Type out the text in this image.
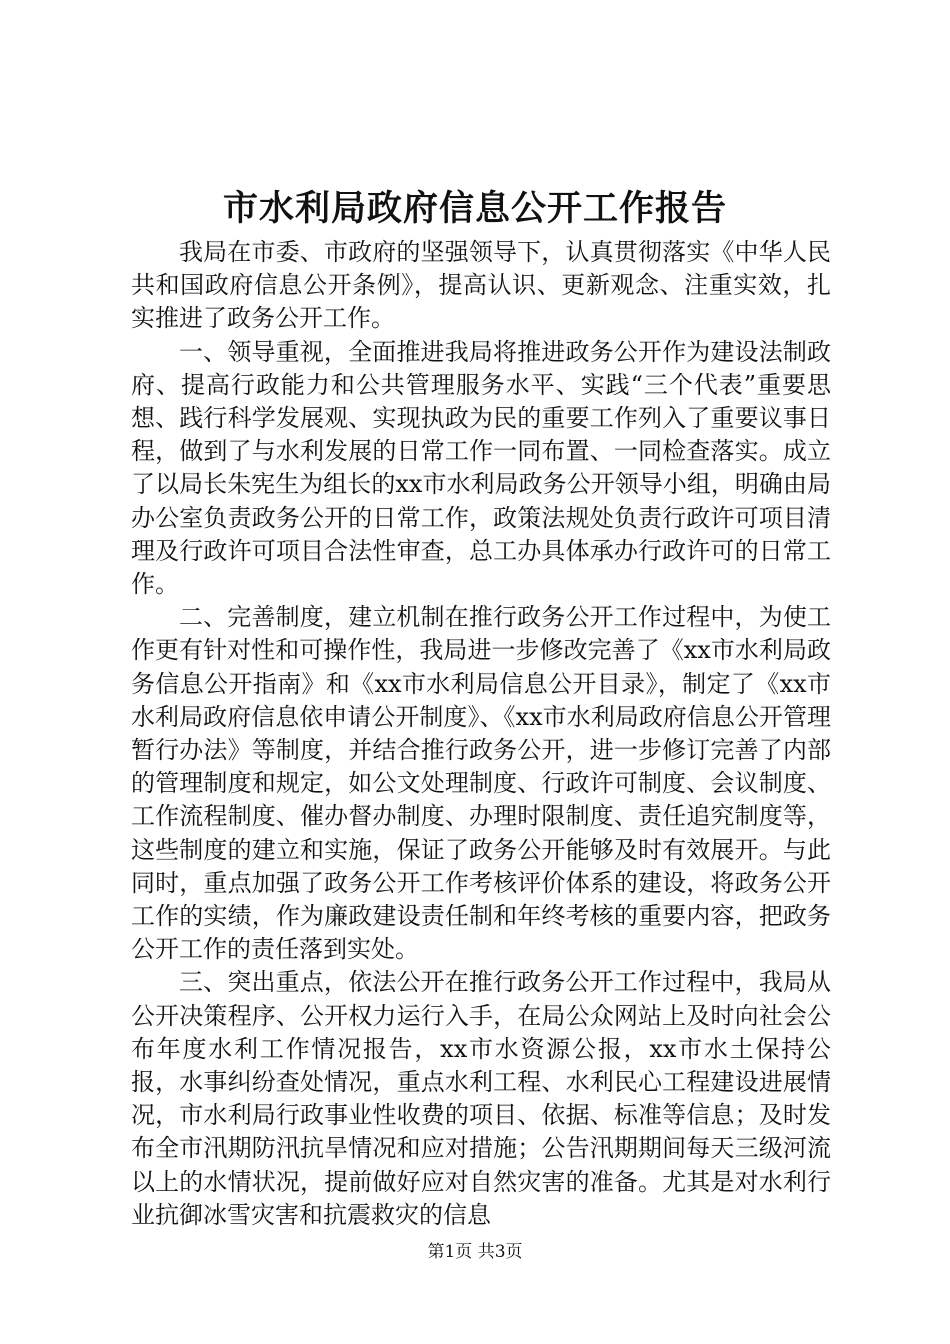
市水利局政府信息公开工作报告

我局在市委、市政府的坚强领导下，认真贯彻落实《中华人民共和国政府信息公开条例》，提高认识、更新观念、注重实效，扎实推进了政务公开工作。

一、领导重视，全面推进我局将推进政务公开作为建设法制政府、提高行政能力和公共管理服务水平、实践“三个代表”重要思想、践行科学发展观、实现执政为民的重要工作列入了重要议事日程，做到了与水利发展的日常工作一同布置、一同检查落实。成立了以局长朱宪生为组长的xx市水利局政务公开领导小组，明确由局办公室负责政务公开的日常工作，政策法规处负责行政许可项目清理及行政许可项目合法性审查，总工办具体承办行政许可的日常工作。

二、完善制度，建立机制在推行政务公开工作过程中，为使工作更有针对性和可操作性，我局进一步修改完善了《xx市水利局政务信息公开指南》和《xx市水利局信息公开目录》，制定了《xx市水利局政府信息依申请公开制度》、《xx市水利局政府信息公开管理暂行办法》等制度，并结合推行政务公开，进一步修订完善了内部的管理制度和规定，如公文处理制度、行政许可制度、会议制度、工作流程制度、催办督办制度、办理时限制度、责任追究制度等，这些制度的建立和实施，保证了政务公开能够及时有效展开。与此同时，重点加强了政务公开工作考核评价体系的建设，将政务公开工作的实绩，作为廉政建设责任制和年终考核的重要内容，把政务公开工作的责任落到实处。

三、突出重点，依法公开在推行政务公开工作过程中，我局从公开决策程序、公开权力运行入手，在局公众网站上及时向社会公布年度水利工作情况报告，xx市水资源公报，xx市水土保持公报，水事纠纷查处情况，重点水利工程、水利民心工程建设进展情况，市水利局行政事业性收费的项目、依据、标准等信息；及时发布全市汛期防汛抗旱情况和应对措施；公告汛期期间每天三级河流以上的水情状况，提前做好应对自然灾害的准备。尤其是对水利行业抗御冰雪灾害和抗震救灾的信息

第1页 共3页
